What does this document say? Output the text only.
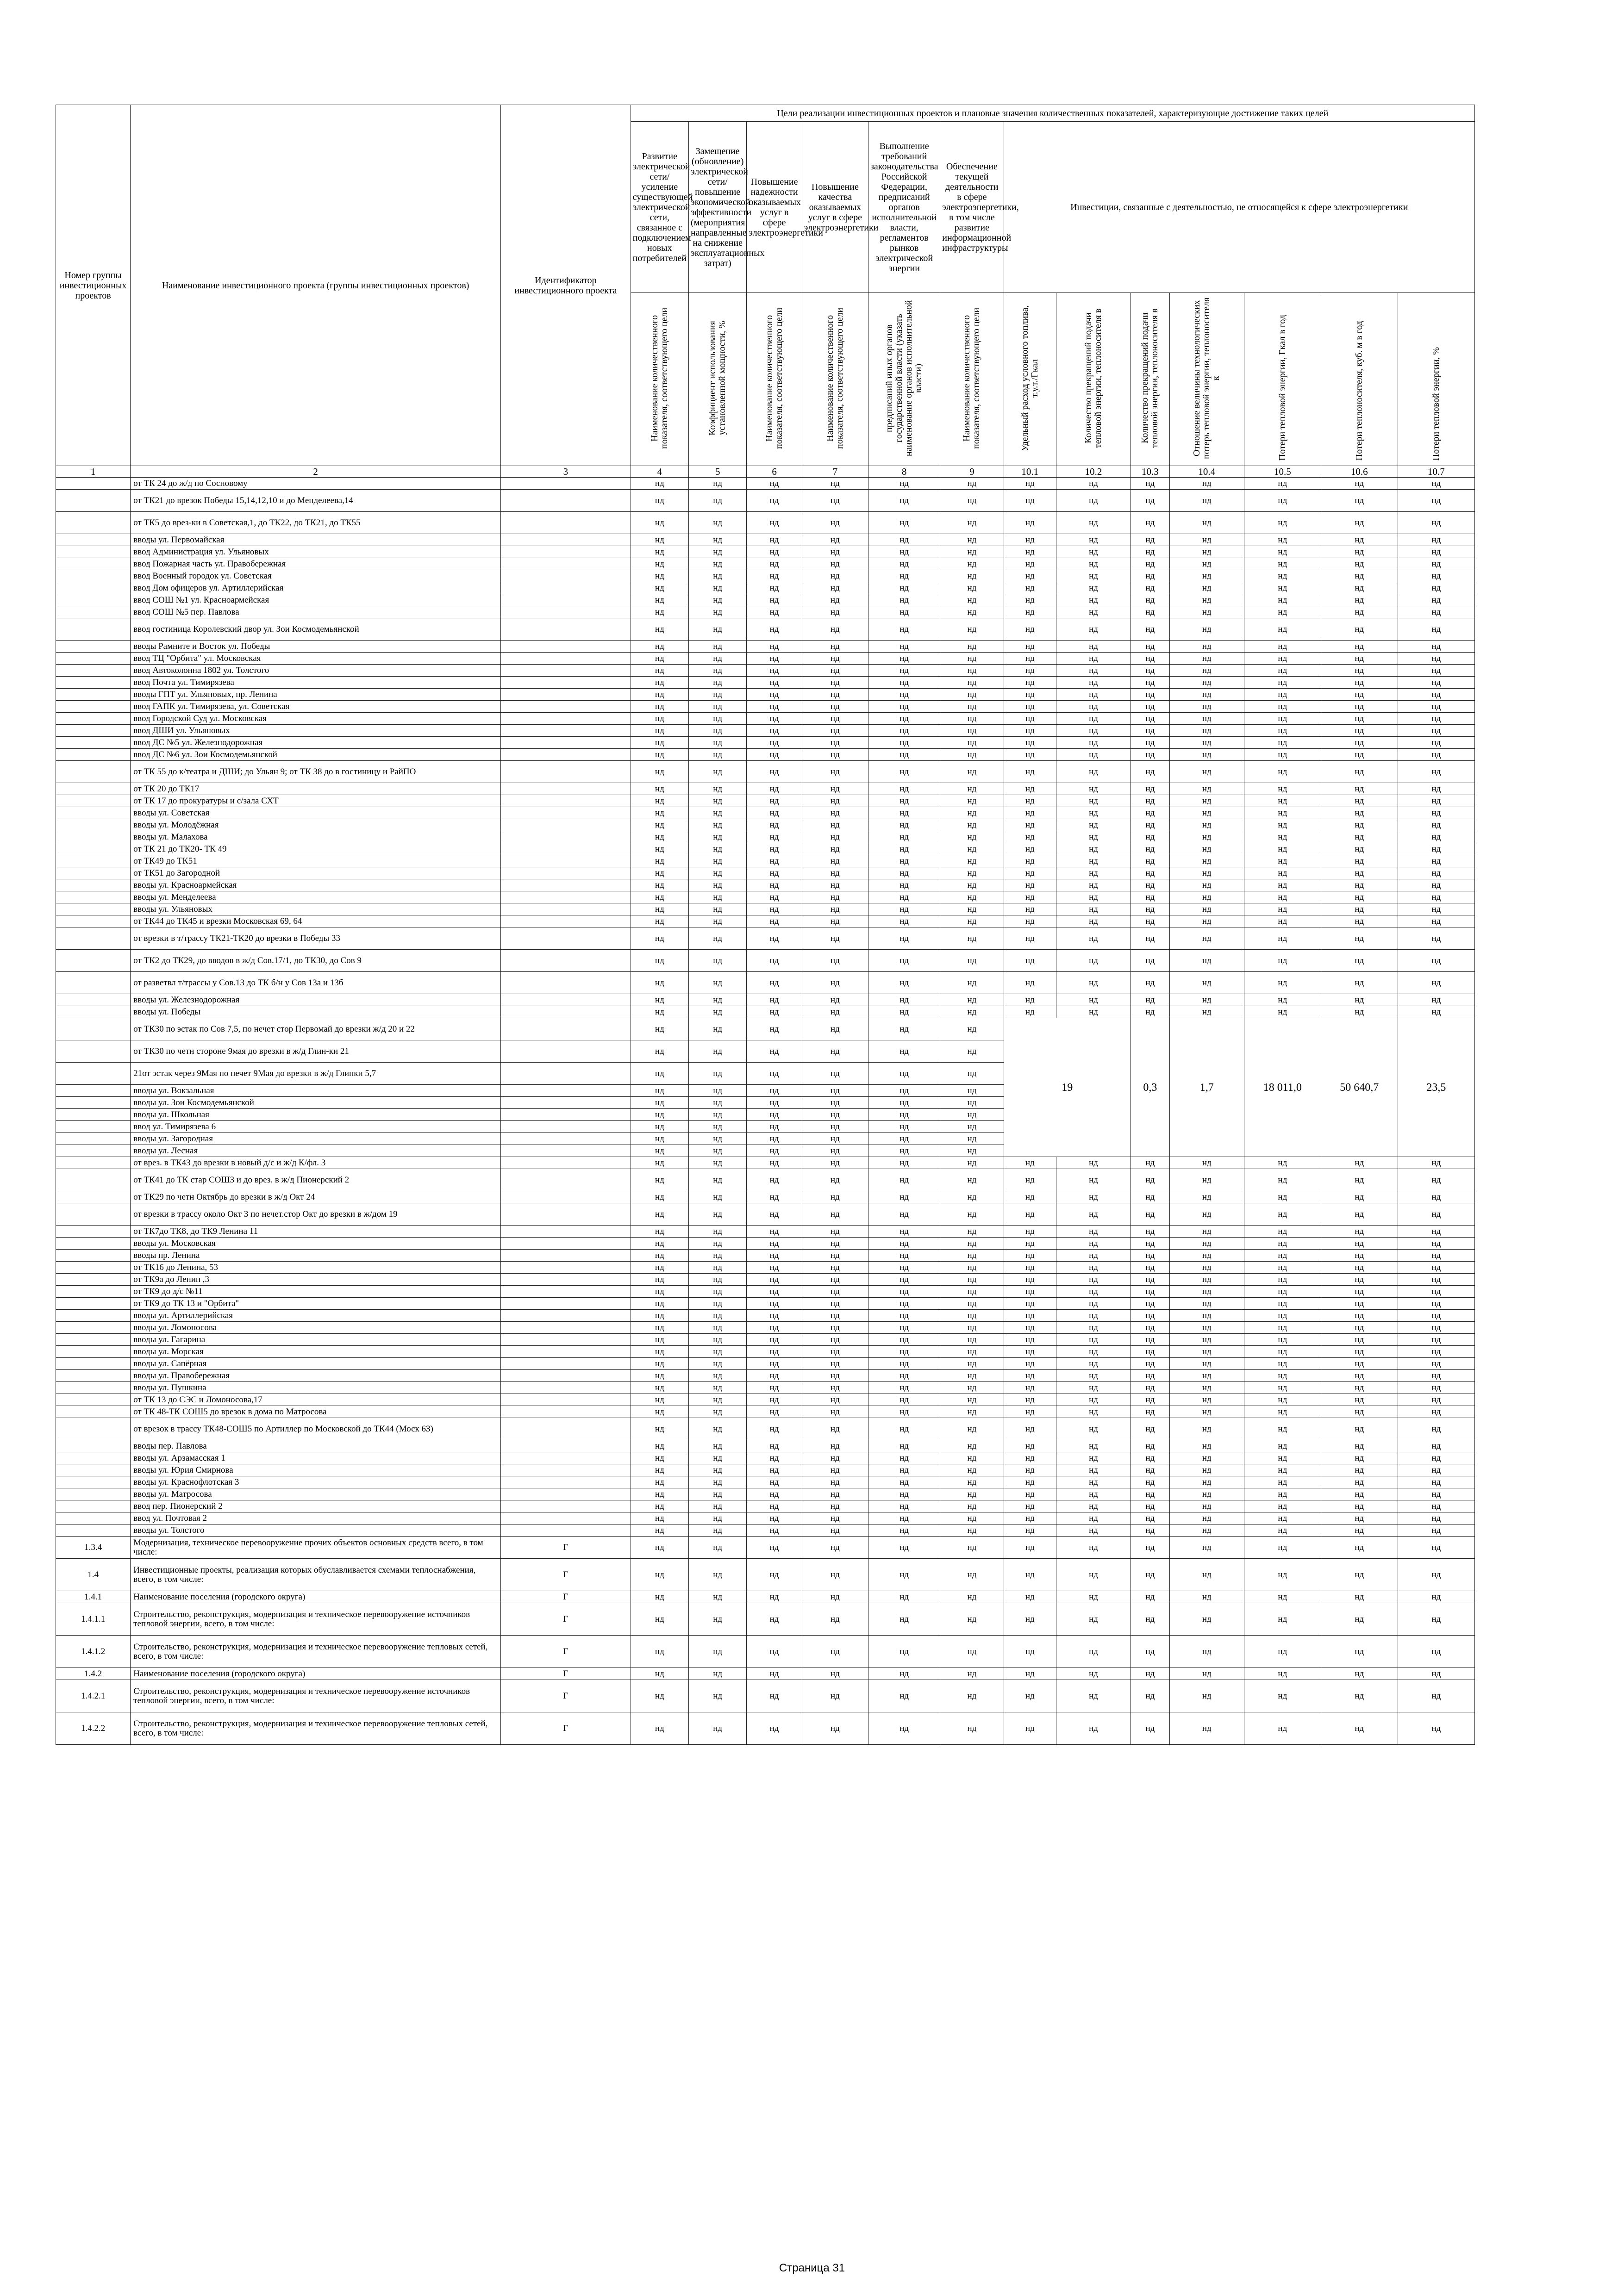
Номер группы инвестиционных проектов	Наименование инвестиционного проекта (группы инвестиционных проектов)	Идентификатор инвестиционного проекта	Цели реализации инвестиционных проектов и плановые значения количественных показателей, характеризующие достижение таких целей												
			Развитие электрической сети/усиление существующей электрической сети, связанное с подключением новых потребителей	Замещение (обновление) электрической сети/повышение экономической эффективности (мероприятия направленные на снижение эксплуатационных затрат)	Повышение надежности оказываемых услуг в сфере электроэнергетики	Повышение качества оказываемых услуг в сфере электроэнергетики	Выполнение требований законодательства Российской Федерации, предписаний органов исполнительной власти, регламентов рынков электрической энергии	Обеспечение текущей деятельности в сфере электроэнергетики, в том числе развитие информационной инфраструктуры	Инвестиции, связанные с деятельностью, не относящейся к сфере электроэнергетики						
			Наименование количественного показателя, соответствующего цели	Коэффициент использования установленной мощности, %	Наименование количественного показателя, соответствующего цели	Наименование количественного показателя, соответствующего цели	предписаний иных органов государственной власти (указать наименование органов исполнительной власти)	Наименование количественного показателя, соответствующего цели	Удельный расход условного топлива, т.у.т./Гкал	Количество прекращений подачи тепловой энергии, теплоносителя в	Количество прекращений подачи тепловой энергии, теплоносителя в	Отношение величины технологических потерь тепловой энергии, теплоносителя к	Потери тепловой энергии, Гкал в год	Потери теплоносителя, куб. м в год	Потери тепловой энергии, %
1	2	3	4	5	6	7	8	9	10.1	10.2	10.3	10.4	10.5	10.6	10.7
	от ТК 24 до ж/д по Сосновому		нд	нд	нд	нд	нд	нд	нд	нд	нд	нд	нд	нд	нд
	от ТК21 до врезок Победы 15,14,12,10 и до Менделеева,14		нд	нд	нд	нд	нд	нд	нд	нд	нд	нд	нд	нд	нд
	от ТК5 до врез-ки в Советская,1, до ТК22, до ТК21, до ТК55		нд	нд	нд	нд	нд	нд	нд	нд	нд	нд	нд	нд	нд
	вводы ул. Первомайская		нд	нд	нд	нд	нд	нд	нд	нд	нд	нд	нд	нд	нд
	ввод Администрация ул. Ульяновых		нд	нд	нд	нд	нд	нд	нд	нд	нд	нд	нд	нд	нд
	ввод Пожарная часть ул. Правобережная		нд	нд	нд	нд	нд	нд	нд	нд	нд	нд	нд	нд	нд
	ввод Военный городок ул. Советская		нд	нд	нд	нд	нд	нд	нд	нд	нд	нд	нд	нд	нд
	ввод Дом офицеров ул. Артиллерийская		нд	нд	нд	нд	нд	нд	нд	нд	нд	нд	нд	нд	нд
	ввод СОШ №1 ул. Красноармейская		нд	нд	нд	нд	нд	нд	нд	нд	нд	нд	нд	нд	нд
	ввод СОШ №5 пер. Павлова		нд	нд	нд	нд	нд	нд	нд	нд	нд	нд	нд	нд	нд
	ввод гостиница Королевский двор ул. Зои Космодемьянской		нд	нд	нд	нд	нд	нд	нд	нд	нд	нд	нд	нд	нд
	вводы Рамните и Восток ул. Победы		нд	нд	нд	нд	нд	нд	нд	нд	нд	нд	нд	нд	нд
	ввод ТЦ "Орбита" ул. Московская		нд	нд	нд	нд	нд	нд	нд	нд	нд	нд	нд	нд	нд
	ввод Автоколонна 1802 ул. Толстого		нд	нд	нд	нд	нд	нд	нд	нд	нд	нд	нд	нд	нд
	ввод Почта ул. Тимирязева		нд	нд	нд	нд	нд	нд	нд	нд	нд	нд	нд	нд	нд
	вводы ГПТ ул. Ульяновых, пр. Ленина		нд	нд	нд	нд	нд	нд	нд	нд	нд	нд	нд	нд	нд
	ввод ГАПК ул. Тимирязева, ул. Советская		нд	нд	нд	нд	нд	нд	нд	нд	нд	нд	нд	нд	нд
	ввод Городской Суд ул. Московская		нд	нд	нд	нд	нд	нд	нд	нд	нд	нд	нд	нд	нд
	ввод ДШИ ул. Ульяновых		нд	нд	нд	нд	нд	нд	нд	нд	нд	нд	нд	нд	нд
	ввод ДС №5 ул. Железнодорожная		нд	нд	нд	нд	нд	нд	нд	нд	нд	нд	нд	нд	нд
	ввод ДС №6 ул. Зои Космодемьянской		нд	нд	нд	нд	нд	нд	нд	нд	нд	нд	нд	нд	нд
	от ТК 55 до к/театра и ДШИ; до Ульян 9; от ТК 38 до в гостиницу и РайПО		нд	нд	нд	нд	нд	нд	нд	нд	нд	нд	нд	нд	нд
	от ТК 20 до ТК17		нд	нд	нд	нд	нд	нд	нд	нд	нд	нд	нд	нд	нд
	от ТК 17 до прокуратуры и с/зала СХТ		нд	нд	нд	нд	нд	нд	нд	нд	нд	нд	нд	нд	нд
	вводы ул. Советская		нд	нд	нд	нд	нд	нд	нд	нд	нд	нд	нд	нд	нд
	вводы ул. Молодёжная		нд	нд	нд	нд	нд	нд	нд	нд	нд	нд	нд	нд	нд
	вводы ул. Малахова		нд	нд	нд	нд	нд	нд	нд	нд	нд	нд	нд	нд	нд
	от ТК 21 до ТК20- ТК 49		нд	нд	нд	нд	нд	нд	нд	нд	нд	нд	нд	нд	нд
	от ТК49 до ТК51		нд	нд	нд	нд	нд	нд	нд	нд	нд	нд	нд	нд	нд
	от ТК51 до Загородной		нд	нд	нд	нд	нд	нд	нд	нд	нд	нд	нд	нд	нд
	вводы ул. Красноармейская		нд	нд	нд	нд	нд	нд	нд	нд	нд	нд	нд	нд	нд
	вводы ул. Менделеева		нд	нд	нд	нд	нд	нд	нд	нд	нд	нд	нд	нд	нд
	вводы ул. Ульяновых		нд	нд	нд	нд	нд	нд	нд	нд	нд	нд	нд	нд	нд
	от ТК44 до ТК45 и врезки Московская 69, 64		нд	нд	нд	нд	нд	нд	нд	нд	нд	нд	нд	нд	нд
	от врезки в т/трассу ТК21-ТК20 до врезки в Победы 33		нд	нд	нд	нд	нд	нд	нд	нд	нд	нд	нд	нд	нд
	от ТК2 до ТК29, до вводов в ж/д Сов.17/1, до ТК30, до Сов 9		нд	нд	нд	нд	нд	нд	нд	нд	нд	нд	нд	нд	нд
	от разветвл т/трассы у Сов.13 до ТК б/н у Сов 13а и 13б		нд	нд	нд	нд	нд	нд	нд	нд	нд	нд	нд	нд	нд
	вводы ул. Железнодорожная		нд	нд	нд	нд	нд	нд	нд	нд	нд	нд	нд	нд	нд
	вводы ул. Победы		нд	нд	нд	нд	нд	нд	нд	нд	нд	нд	нд	нд	нд
	от ТК30 по эстак по Сов 7,5, по нечет стор Первомай до врезки ж/д 20 и 22		нд	нд	нд	нд	нд	нд	19		0,3	1,7	18 011,0	50 640,7	23,5
	от ТК30 по четн стороне 9мая до врезки в ж/д Глин-ки 21		нд	нд	нд	нд	нд	нд							
	21от эстак через 9Мая по нечет 9Мая до врезки в ж/д Глинки 5,7		нд	нд	нд	нд	нд	нд							
	вводы ул. Вокзальная		нд	нд	нд	нд	нд	нд							
	вводы ул. Зои Космодемьянской		нд	нд	нд	нд	нд	нд							
	вводы ул. Школьная		нд	нд	нд	нд	нд	нд							
	ввод ул. Тимирязева 6		нд	нд	нд	нд	нд	нд							
	вводы ул. Загородная		нд	нд	нд	нд	нд	нд							
	вводы ул. Лесная		нд	нд	нд	нд	нд	нд							
	от врез. в ТК43 до врезки в новый д/с и ж/д К/фл. 3		нд	нд	нд	нд	нд	нд	нд	нд	нд	нд	нд	нд	нд
	от ТК41 до ТК стар СОШ3 и до врез. в ж/д Пионерский 2		нд	нд	нд	нд	нд	нд	нд	нд	нд	нд	нд	нд	нд
	от ТК29 по четн Октябрь до врезки в ж/д Окт 24		нд	нд	нд	нд	нд	нд	нд	нд	нд	нд	нд	нд	нд
	от врезки в трассу около Окт 3 по нечет.стор Окт до врезки в ж/дом 19		нд	нд	нд	нд	нд	нд	нд	нд	нд	нд	нд	нд	нд
	от ТК7до ТК8, до ТК9 Ленина 11		нд	нд	нд	нд	нд	нд	нд	нд	нд	нд	нд	нд	нд
	вводы ул. Московская		нд	нд	нд	нд	нд	нд	нд	нд	нд	нд	нд	нд	нд
	вводы пр. Ленина		нд	нд	нд	нд	нд	нд	нд	нд	нд	нд	нд	нд	нд
	от ТК16 до Ленина, 53		нд	нд	нд	нд	нд	нд	нд	нд	нд	нд	нд	нд	нд
	от ТК9а до Ленин ,3		нд	нд	нд	нд	нд	нд	нд	нд	нд	нд	нд	нд	нд
	от ТК9 до д/с №11		нд	нд	нд	нд	нд	нд	нд	нд	нд	нд	нд	нд	нд
	от ТК9 до ТК 13 и "Орбита"		нд	нд	нд	нд	нд	нд	нд	нд	нд	нд	нд	нд	нд
	вводы ул. Артиллерийская		нд	нд	нд	нд	нд	нд	нд	нд	нд	нд	нд	нд	нд
	вводы ул. Ломоносова		нд	нд	нд	нд	нд	нд	нд	нд	нд	нд	нд	нд	нд
	вводы ул. Гагарина		нд	нд	нд	нд	нд	нд	нд	нд	нд	нд	нд	нд	нд
	вводы ул. Морская		нд	нд	нд	нд	нд	нд	нд	нд	нд	нд	нд	нд	нд
	вводы ул. Сапёрная		нд	нд	нд	нд	нд	нд	нд	нд	нд	нд	нд	нд	нд
	вводы ул. Правобережная		нд	нд	нд	нд	нд	нд	нд	нд	нд	нд	нд	нд	нд
	вводы ул. Пушкина		нд	нд	нд	нд	нд	нд	нд	нд	нд	нд	нд	нд	нд
	от ТК 13 до СЭС и Ломоносова,17		нд	нд	нд	нд	нд	нд	нд	нд	нд	нд	нд	нд	нд
	от ТК 48-ТК СОШ5 до врезок в дома по Матросова		нд	нд	нд	нд	нд	нд	нд	нд	нд	нд	нд	нд	нд
	от врезок в трассу ТК48-СОШ5 по Артиллер по Московской до ТК44 (Моск 63)		нд	нд	нд	нд	нд	нд	нд	нд	нд	нд	нд	нд	нд
	вводы пер. Павлова		нд	нд	нд	нд	нд	нд	нд	нд	нд	нд	нд	нд	нд
	вводы ул. Арзамасская 1		нд	нд	нд	нд	нд	нд	нд	нд	нд	нд	нд	нд	нд
	вводы ул. Юрия Смирнова		нд	нд	нд	нд	нд	нд	нд	нд	нд	нд	нд	нд	нд
	вводы ул. Краснофлотская 3		нд	нд	нд	нд	нд	нд	нд	нд	нд	нд	нд	нд	нд
	вводы ул. Матросова		нд	нд	нд	нд	нд	нд	нд	нд	нд	нд	нд	нд	нд
	ввод пер. Пионерский 2		нд	нд	нд	нд	нд	нд	нд	нд	нд	нд	нд	нд	нд
	ввод ул. Почтовая 2		нд	нд	нд	нд	нд	нд	нд	нд	нд	нд	нд	нд	нд
	вводы ул. Толстого		нд	нд	нд	нд	нд	нд	нд	нд	нд	нд	нд	нд	нд
1.3.4	Модернизация, техническое перевооружение прочих объектов основных средств всего, в том числе:	Г	нд	нд	нд	нд	нд	нд	нд	нд	нд	нд	нд	нд	нд
1.4	Инвестиционные проекты, реализация которых обуславливается схемами теплоснабжения, всего, в том числе:	Г	нд	нд	нд	нд	нд	нд	нд	нд	нд	нд	нд	нд	нд
1.4.1	Наименование поселения (городского округа)	Г	нд	нд	нд	нд	нд	нд	нд	нд	нд	нд	нд	нд	нд
1.4.1.1	Строительство, реконструкция, модернизация и техническое перевооружение источников тепловой энергии, всего, в том числе:	Г	нд	нд	нд	нд	нд	нд	нд	нд	нд	нд	нд	нд	нд
1.4.1.2	Строительство, реконструкция, модернизация и техническое перевооружение тепловых сетей, всего, в том числе:	Г	нд	нд	нд	нд	нд	нд	нд	нд	нд	нд	нд	нд	нд
1.4.2	Наименование поселения (городского округа)	Г	нд	нд	нд	нд	нд	нд	нд	нд	нд	нд	нд	нд	нд
1.4.2.1	Строительство, реконструкция, модернизация и техническое перевооружение источников тепловой энергии, всего, в том числе:	Г	нд	нд	нд	нд	нд	нд	нд	нд	нд	нд	нд	нд	нд
1.4.2.2	Строительство, реконструкция, модернизация и техническое перевооружение тепловых сетей, всего, в том числе:	Г	нд	нд	нд	нд	нд	нд	нд	нд	нд	нд	нд	нд	нд
Страница 31
